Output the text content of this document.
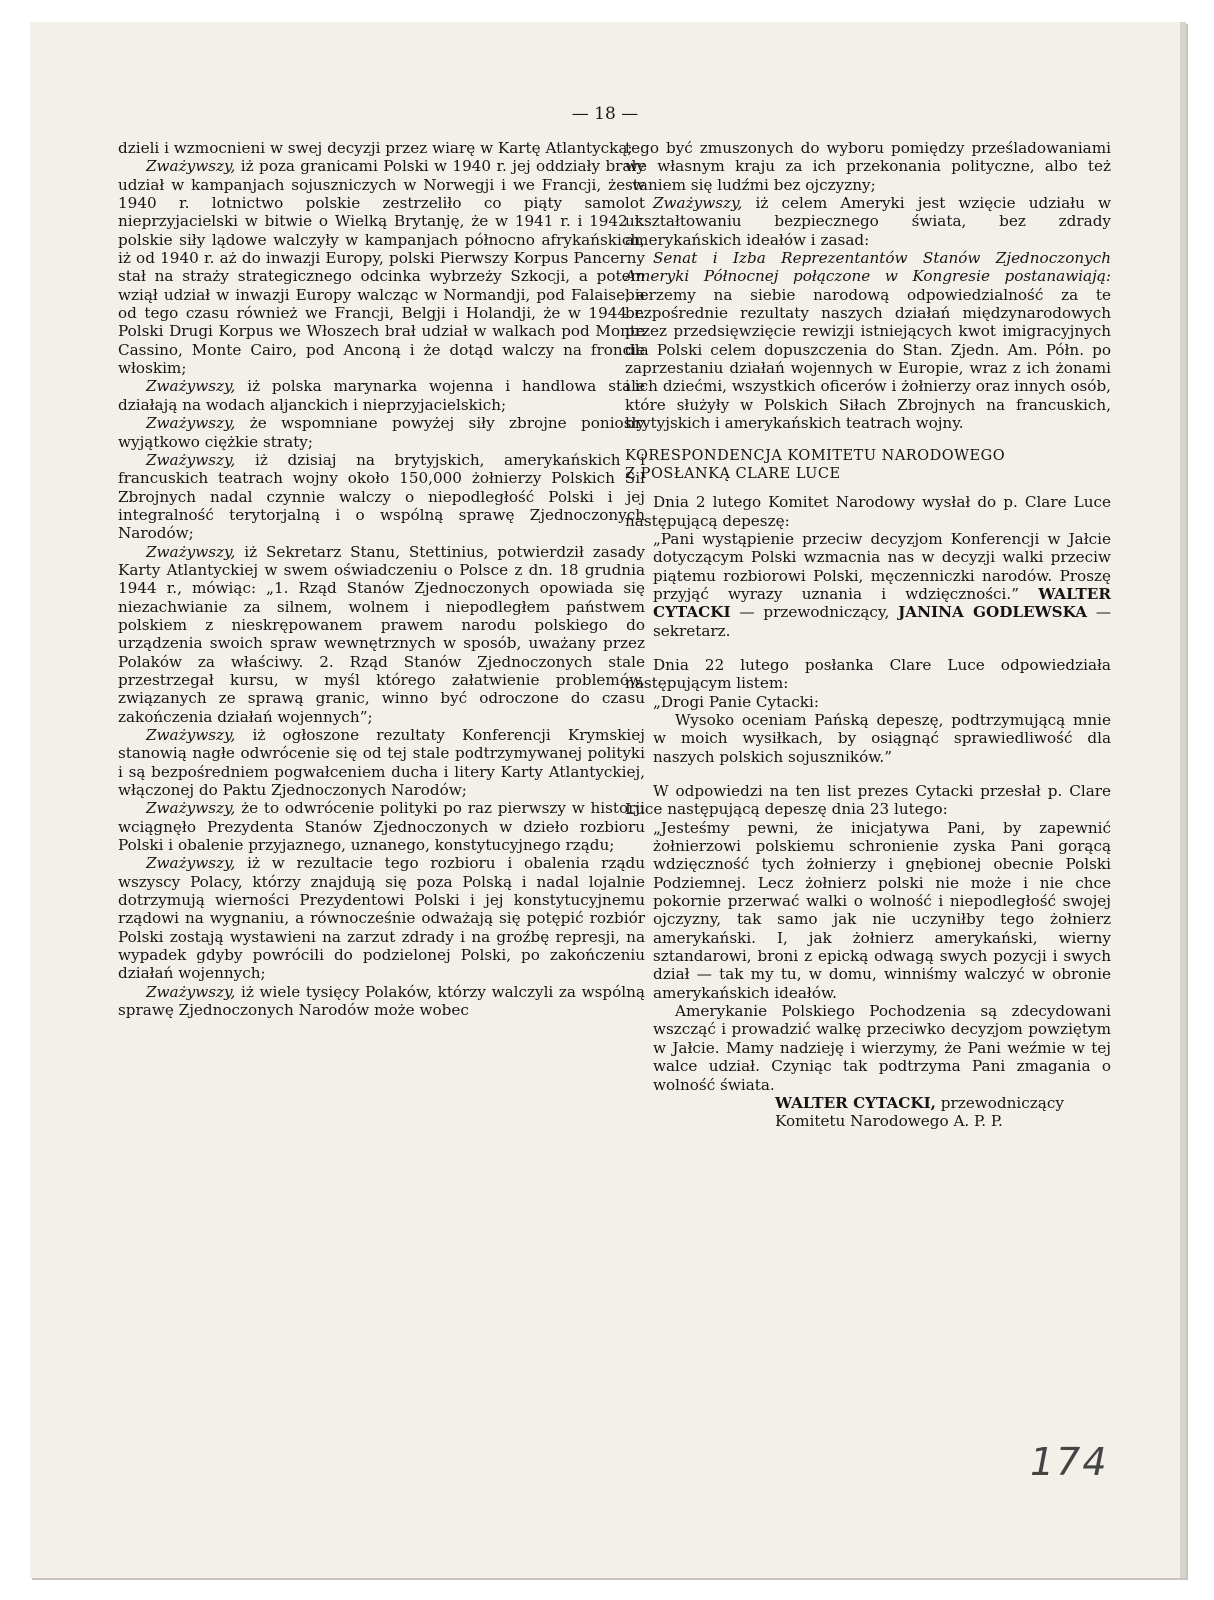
— 18 —

dzieli i wzmocnieni w swej decyzji przez wiarę w Kartę Atlantycką;

Zważywszy, iż poza granicami Polski w 1940 r. jej oddziały brały udział w kampanjach sojuszniczych w Norwegji i we Francji, że w 1940 r. lotnictwo polskie zestrzeliło co piąty samolot nieprzyjacielski w bitwie o Wielką Brytanję, że w 1941 r. i 1942 r. polskie siły lądowe walczyły w kampanjach północno afrykańskich, iż od 1940 r. aż do inwazji Europy, polski Pierwszy Korpus Pancerny stał na straży strategicznego odcinka wybrzeży Szkocji, a potem wziął udział w inwazji Europy walcząc w Normandji, pod Falaise, a od tego czasu również we Francji, Belgji i Holandji, że w 1944 r. Polski Drugi Korpus we Włoszech brał udział w walkach pod Monte Cassino, Monte Cairo, pod Anconą i że dotąd walczy na froncie włoskim;

Zważywszy, iż polska marynarka wojenna i handlowa stale działają na wodach aljanckich i nieprzyjacielskich;

Zważywszy, że wspomniane powyżej siły zbrojne poniosły wyjątkowo ciężkie straty;

Zważywszy, iż dzisiaj na brytyjskich, amerykańskich i francuskich teatrach wojny około 150,000 żołnierzy Polskich Sił Zbrojnych nadal czynnie walczy o niepodległość Polski i jej integralność terytorjalną i o wspólną sprawę Zjednoczonych Narodów;

Zważywszy, iż Sekretarz Stanu, Stettinius, potwierdził zasady Karty Atlantyckiej w swem oświadczeniu o Polsce z dn. 18 grudnia 1944 r., mówiąc: „1. Rząd Stanów Zjednoczonych opowiada się niezachwianie za silnem, wolnem i niepodległem państwem polskiem z nieskrępowanem prawem narodu polskiego do urządzenia swoich spraw wewnętrznych w sposób, uważany przez Polaków za właściwy. 2. Rząd Stanów Zjednoczonych stale przestrzegał kursu, w myśl którego załatwienie problemów, związanych ze sprawą granic, winno być odroczone do czasu zakończenia działań wojennych”;

Zważywszy, iż ogłoszone rezultaty Konferencji Krymskiej stanowią nagłe odwrócenie się od tej stale podtrzymywanej polityki i są bezpośredniem pogwałceniem ducha i litery Karty Atlantyckiej, włączonej do Paktu Zjednoczonych Narodów;

Zważywszy, że to odwrócenie polityki po raz pierwszy w historji wciągnęło Prezydenta Stanów Zjednoczonych w dzieło rozbioru Polski i obalenie przyjaznego, uznanego, konstytucyjnego rządu;

Zważywszy, iż w rezultacie tego rozbioru i obalenia rządu wszyscy Polacy, którzy znajdują się poza Polską i nadal lojalnie dotrzymują wierności Prezydentowi Polski i jej konstytucyjnemu rządowi na wygnaniu, a równocześnie odważają się potępić rozbiór Polski zostają wystawieni na zarzut zdrady i na groźbę represji, na wypadek gdyby powrócili do podzielonej Polski, po zakończeniu działań wojennych;

Zważywszy, iż wiele tysięcy Polaków, którzy walczyli za wspólną sprawę Zjednoczonych Narodów może wobec

tego być zmuszonych do wyboru pomiędzy prześladowaniami we własnym kraju za ich przekonania polityczne, albo też staniem się ludźmi bez ojczyzny;

Zważywszy, iż celem Ameryki jest wzięcie udziału w ukształtowaniu bezpiecznego świata, bez zdrady amerykańskich ideałów i zasad:

Senat i Izba Reprezentantów Stanów Zjednoczonych Ameryki Północnej połączone w Kongresie postanawiają: bierzemy na siebie narodową odpowiedzialność za te bezpośrednie rezultaty naszych działań międzynarodowych przez przedsięwzięcie rewizji istniejących kwot imigracyjnych dla Polski celem dopuszczenia do Stan. Zjedn. Am. Półn. po zaprzestaniu działań wojennych w Europie, wraz z ich żonami i ich dziećmi, wszystkich oficerów i żołnierzy oraz innych osób, które służyły w Polskich Siłach Zbrojnych na francuskich, brytyjskich i amerykańskich teatrach wojny.

KORESPONDENCJA KOMITETU NARODOWEGO
Z POSŁANKĄ CLARE LUCE

Dnia 2 lutego Komitet Narodowy wysłał do p. Clare Luce następującą depeszę:

„Pani wystąpienie przeciw decyzjom Konferencji w Jałcie dotyczącym Polski wzmacnia nas w decyzji walki przeciw piątemu rozbiorowi Polski, męczenniczki narodów. Proszę przyjąć wyrazy uznania i wdzięczności.” WALTER CYTACKI — przewodniczący, JANINA GODLEWSKA — sekretarz.

Dnia 22 lutego posłanka Clare Luce odpowiedziała następującym listem:

„Drogi Panie Cytacki:

Wysoko oceniam Pańską depeszę, podtrzymującą mnie w moich wysiłkach, by osiągnąć sprawiedliwość dla naszych polskich sojuszników.”

W odpowiedzi na ten list prezes Cytacki przesłał p. Clare Luce następującą depeszę dnia 23 lutego:

„Jesteśmy pewni, że inicjatywa Pani, by zapewnić żołnierzowi polskiemu schronienie zyska Pani gorącą wdzięczność tych żołnierzy i gnębionej obecnie Polski Podziemnej. Lecz żołnierz polski nie może i nie chce pokornie przerwać walki o wolność i niepodległość swojej ojczyzny, tak samo jak nie uczyniłby tego żołnierz amerykański. I, jak żołnierz amerykański, wierny sztandarowi, broni z epicką odwagą swych pozycji i swych dział — tak my tu, w domu, winniśmy walczyć w obronie amerykańskich ideałów.

Amerykanie Polskiego Pochodzenia są zdecydowani wszcząć i prowadzić walkę przeciwko decyzjom powziętym w Jałcie. Mamy nadzieję i wierzymy, że Pani weźmie w tej walce udział. Czyniąc tak podtrzyma Pani zmagania o wolność świata.

WALTER CYTACKI, przewodniczący
Komitetu Narodowego A. P. P.

174
